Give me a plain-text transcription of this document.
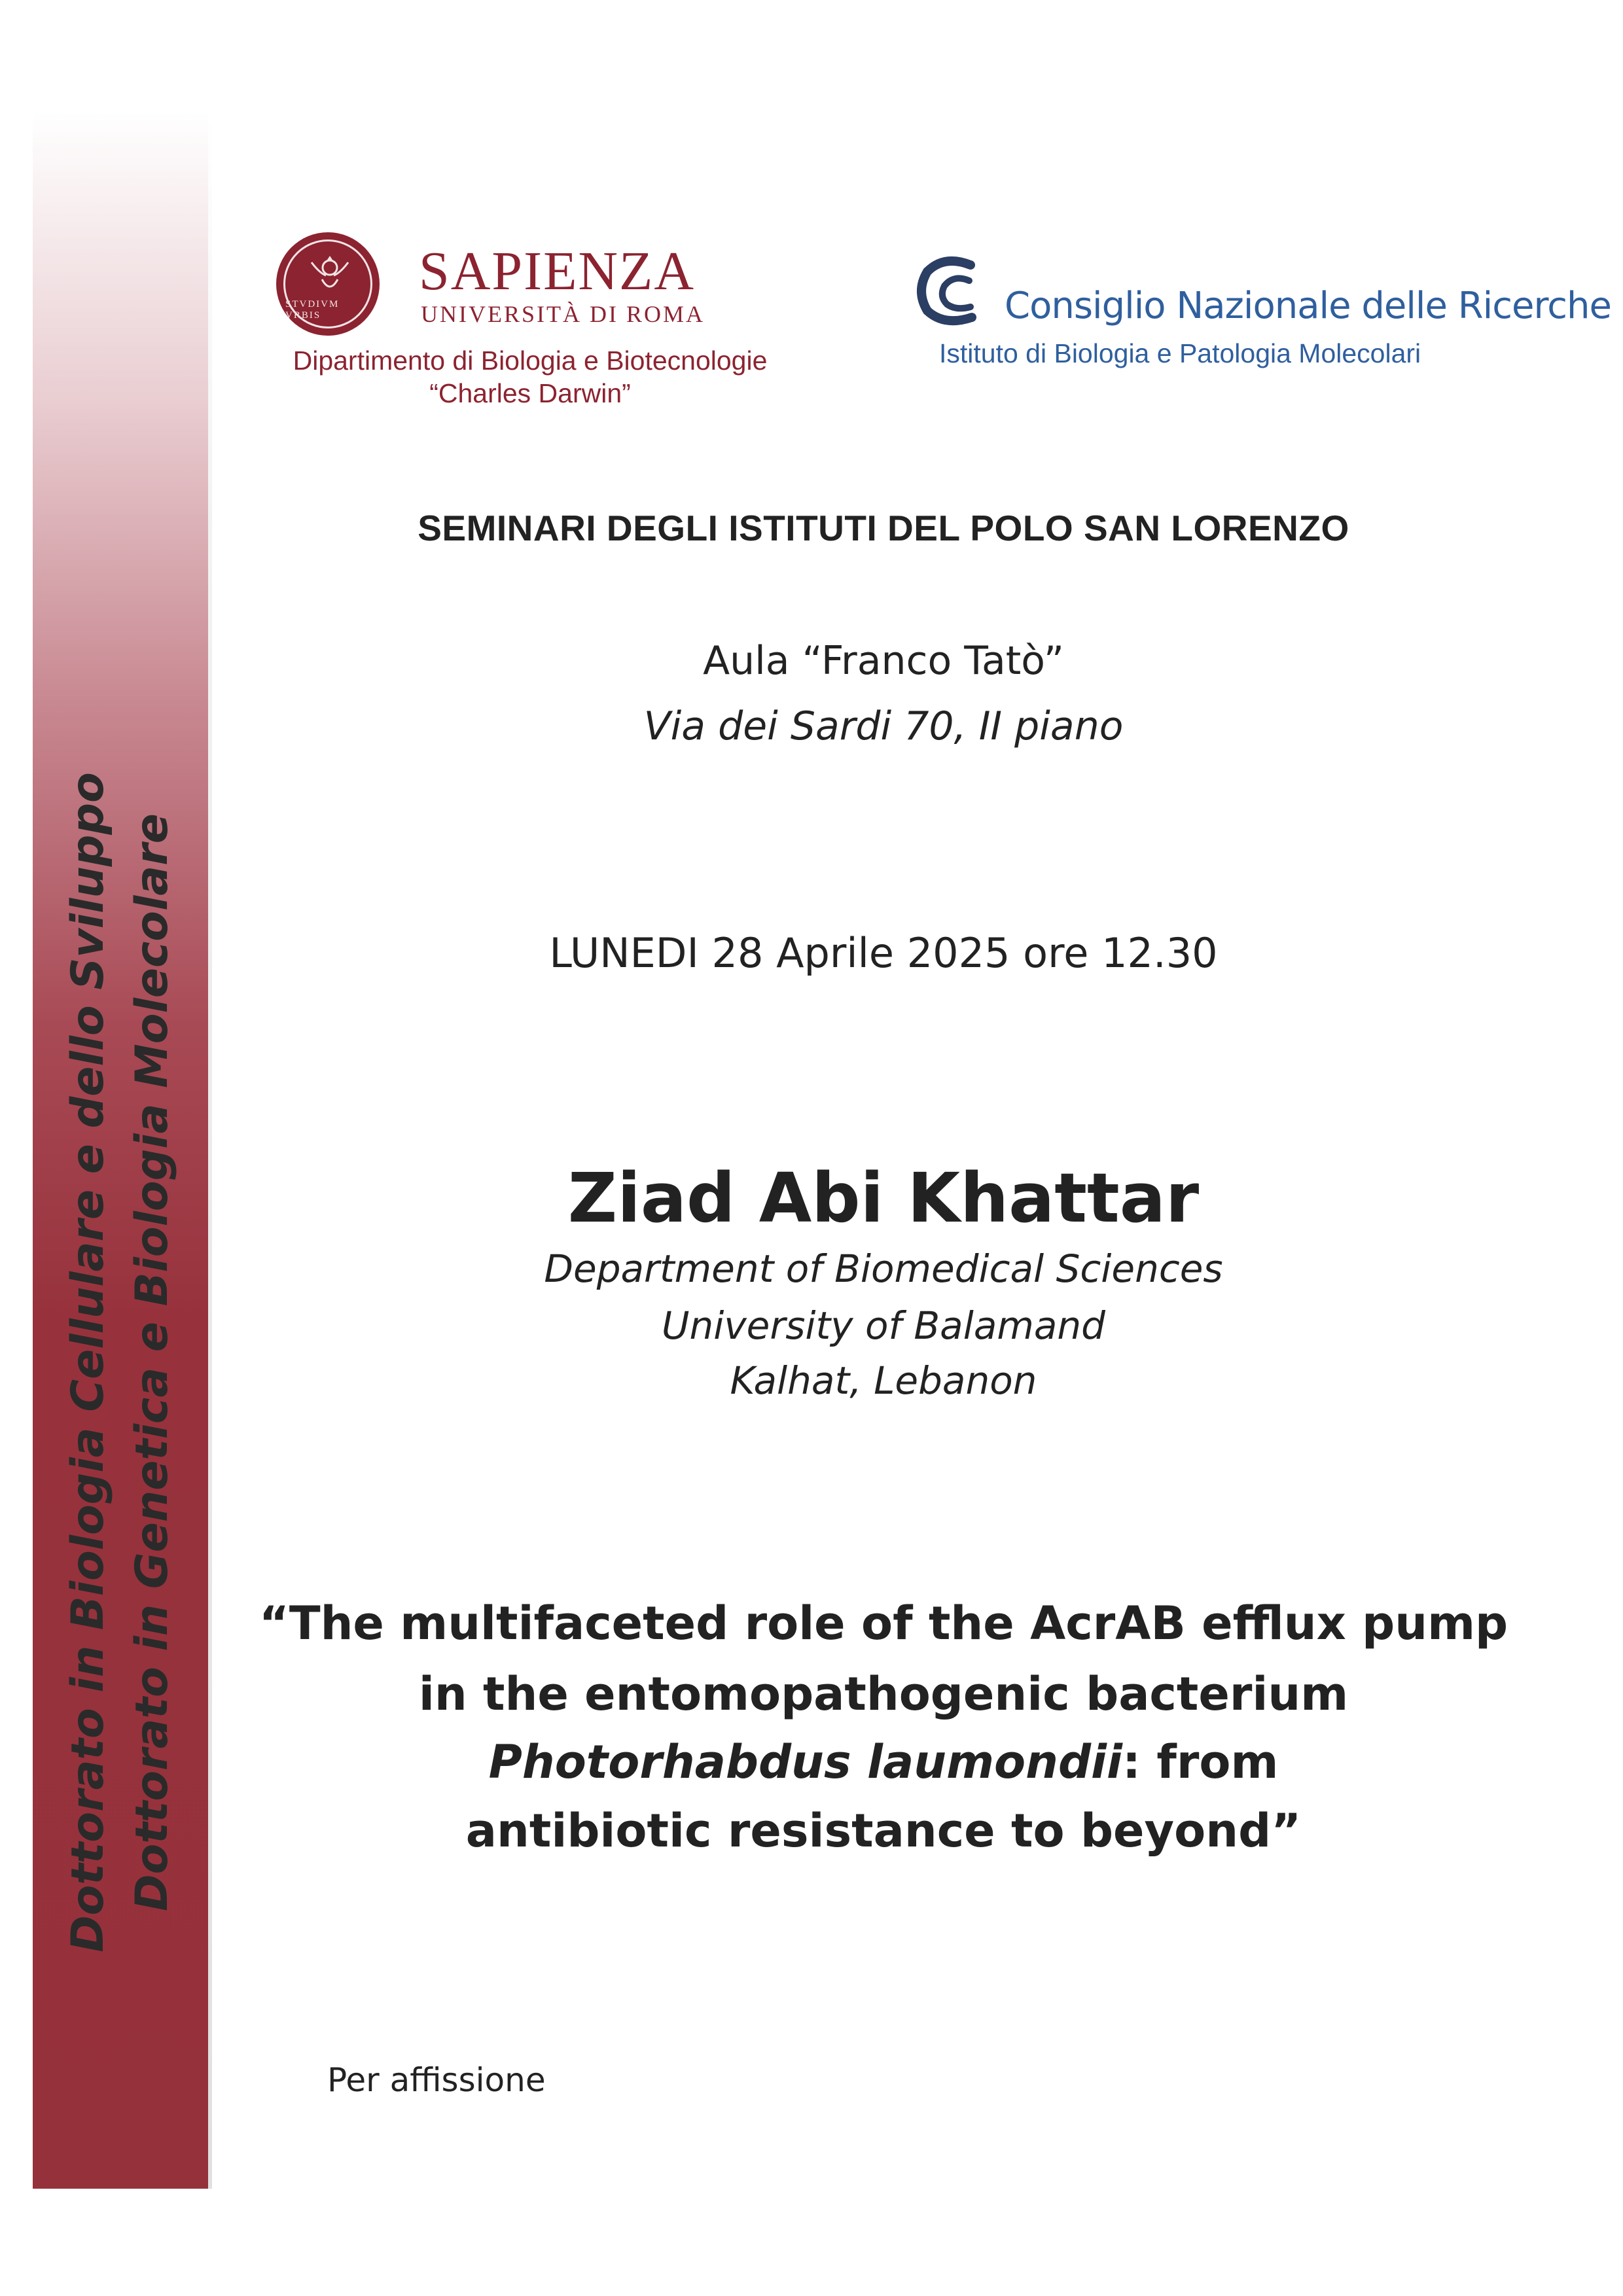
Dottorato in Biologia Cellulare e dello Sviluppo Dottorato in Genetica e Biologia Molecolare
STVDIVM VRBIS
SAPIENZA
UNIVERSITÀ DI ROMA
Dipartimento di Biologia e Biotecnologie
“Charles Darwin”
Consiglio Nazionale delle Ricerche
Istituto di Biologia e Patologia Molecolari
SEMINARI DEGLI ISTITUTI DEL POLO SAN LORENZO
Aula “Franco Tatò”
Via dei Sardi 70, II piano
LUNEDI 28 Aprile 2025 ore 12.30
Ziad Abi Khattar
Department of Biomedical Sciences
University of Balamand
Kalhat, Lebanon
“The multifaceted role of the AcrAB efflux pump
in the entomopathogenic bacterium
Photorhabdus laumondii: from
antibiotic resistance to beyond”
Per affissione
